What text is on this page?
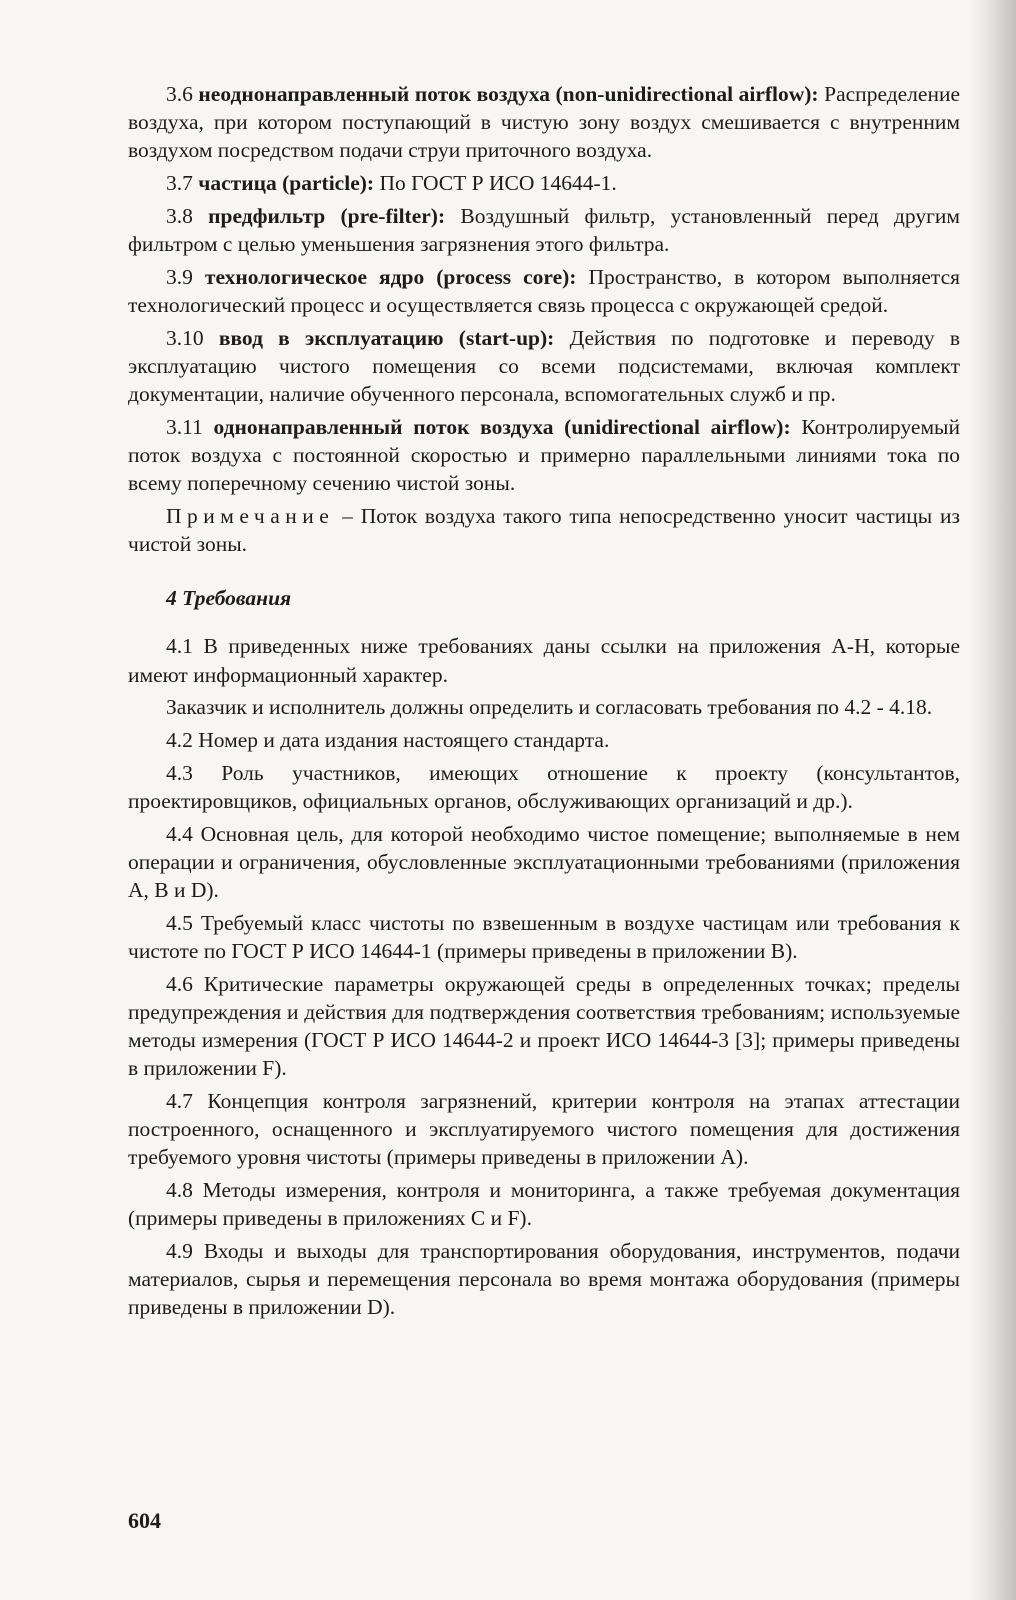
3.6 неоднонаправленный поток воздуха (non-unidirectional airflow): Распределение воздуха, при котором поступающий в чистую зону воздух смешивается с внутренним воздухом посредством подачи струи приточного воздуха.

3.7 частица (particle): По ГОСТ Р ИСО 14644-1.

3.8 предфильтр (pre-filter): Воздушный фильтр, установленный перед другим фильтром с целью уменьшения загрязнения этого фильтра.

3.9 технологическое ядро (process core): Пространство, в котором выполняется технологический процесс и осуществляется связь процесса с окружающей средой.

3.10 ввод в эксплуатацию (start-up): Действия по подготовке и переводу в эксплуатацию чистого помещения со всеми подсистемами, включая комплект документации, наличие обученного персонала, вспомогательных служб и пр.

3.11 однонаправленный поток воздуха (unidirectional airflow): Контролируемый поток воздуха с постоянной скоростью и примерно параллельными линиями тока по всему поперечному сечению чистой зоны.

Примечание – Поток воздуха такого типа непосредственно уносит частицы из чистой зоны.

4 Требования

4.1 В приведенных ниже требованиях даны ссылки на приложения А-Н, которые имеют информационный характер.

Заказчик и исполнитель должны определить и согласовать требования по 4.2 - 4.18.

4.2 Номер и дата издания настоящего стандарта.

4.3 Роль участников, имеющих отношение к проекту (консультантов, проектировщиков, официальных органов, обслуживающих организаций и др.).

4.4 Основная цель, для которой необходимо чистое помещение; выполняемые в нем операции и ограничения, обусловленные эксплуатационными требованиями (приложения А, В и D).

4.5 Требуемый класс чистоты по взвешенным в воздухе частицам или требования к чистоте по ГОСТ Р ИСО 14644-1 (примеры приведены в приложении В).

4.6 Критические параметры окружающей среды в определенных точках; пределы предупреждения и действия для подтверждения соответствия требованиям; используемые методы измерения (ГОСТ Р ИСО 14644-2 и проект ИСО 14644-3 [3]; примеры приведены в приложении F).

4.7 Концепция контроля загрязнений, критерии контроля на этапах аттестации построенного, оснащенного и эксплуатируемого чистого помещения для достижения требуемого уровня чистоты (примеры приведены в приложении А).

4.8 Методы измерения, контроля и мониторинга, а также требуемая документация (примеры приведены в приложениях С и F).

4.9 Входы и выходы для транспортирования оборудования, инструментов, подачи материалов, сырья и перемещения персонала во время монтажа оборудования (примеры приведены в приложении D).

604
